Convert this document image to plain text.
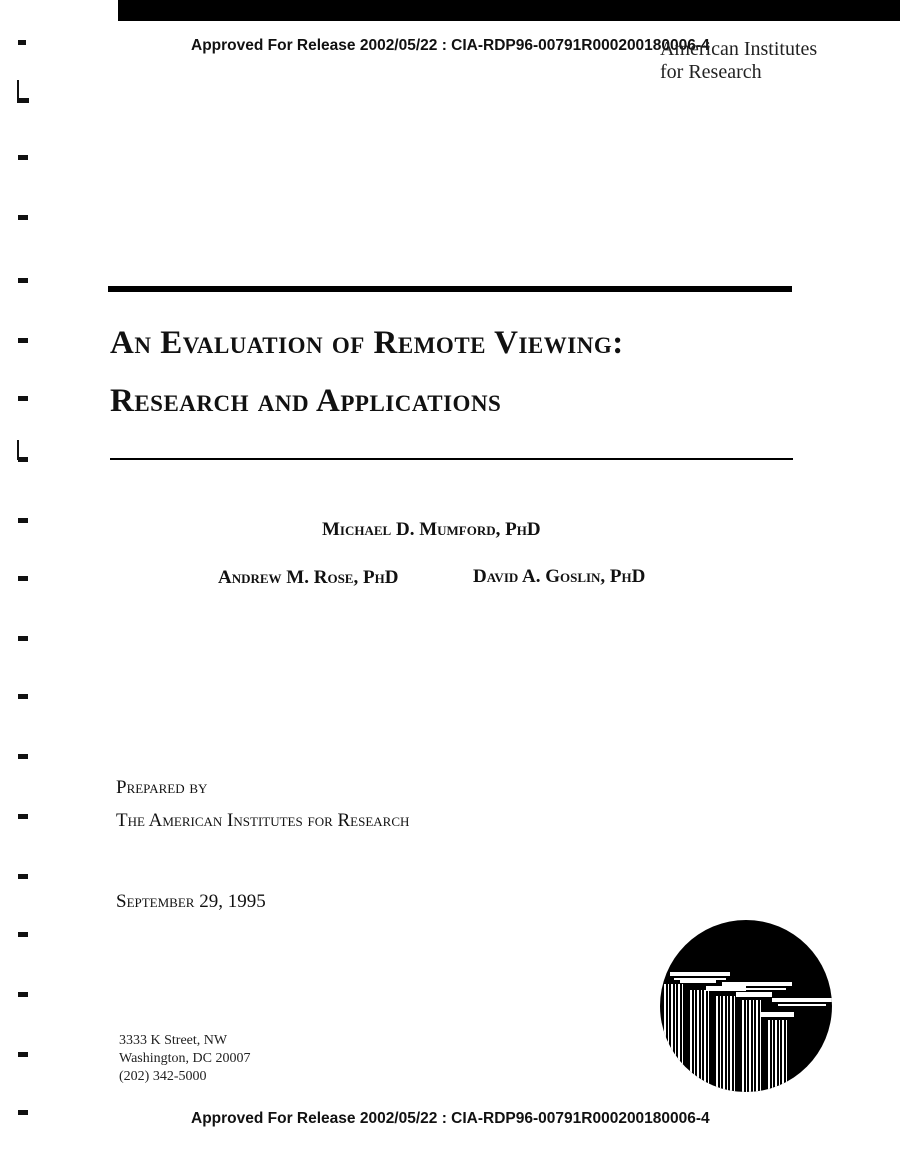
Approved For Release 2002/05/22 : CIA-RDP96-00791R000200180006-4
American Institutes
for Research
An Evaluation of Remote Viewing:
Research and Applications
Michael D. Mumford, PhD
Andrew M. Rose, PhD	David A. Goslin, PhD
Prepared by
The American Institutes for Research
September 29, 1995
3333 K Street, NW
Washington, DC 20007
(202) 342-5000
Approved For Release 2002/05/22 : CIA-RDP96-00791R000200180006-4
